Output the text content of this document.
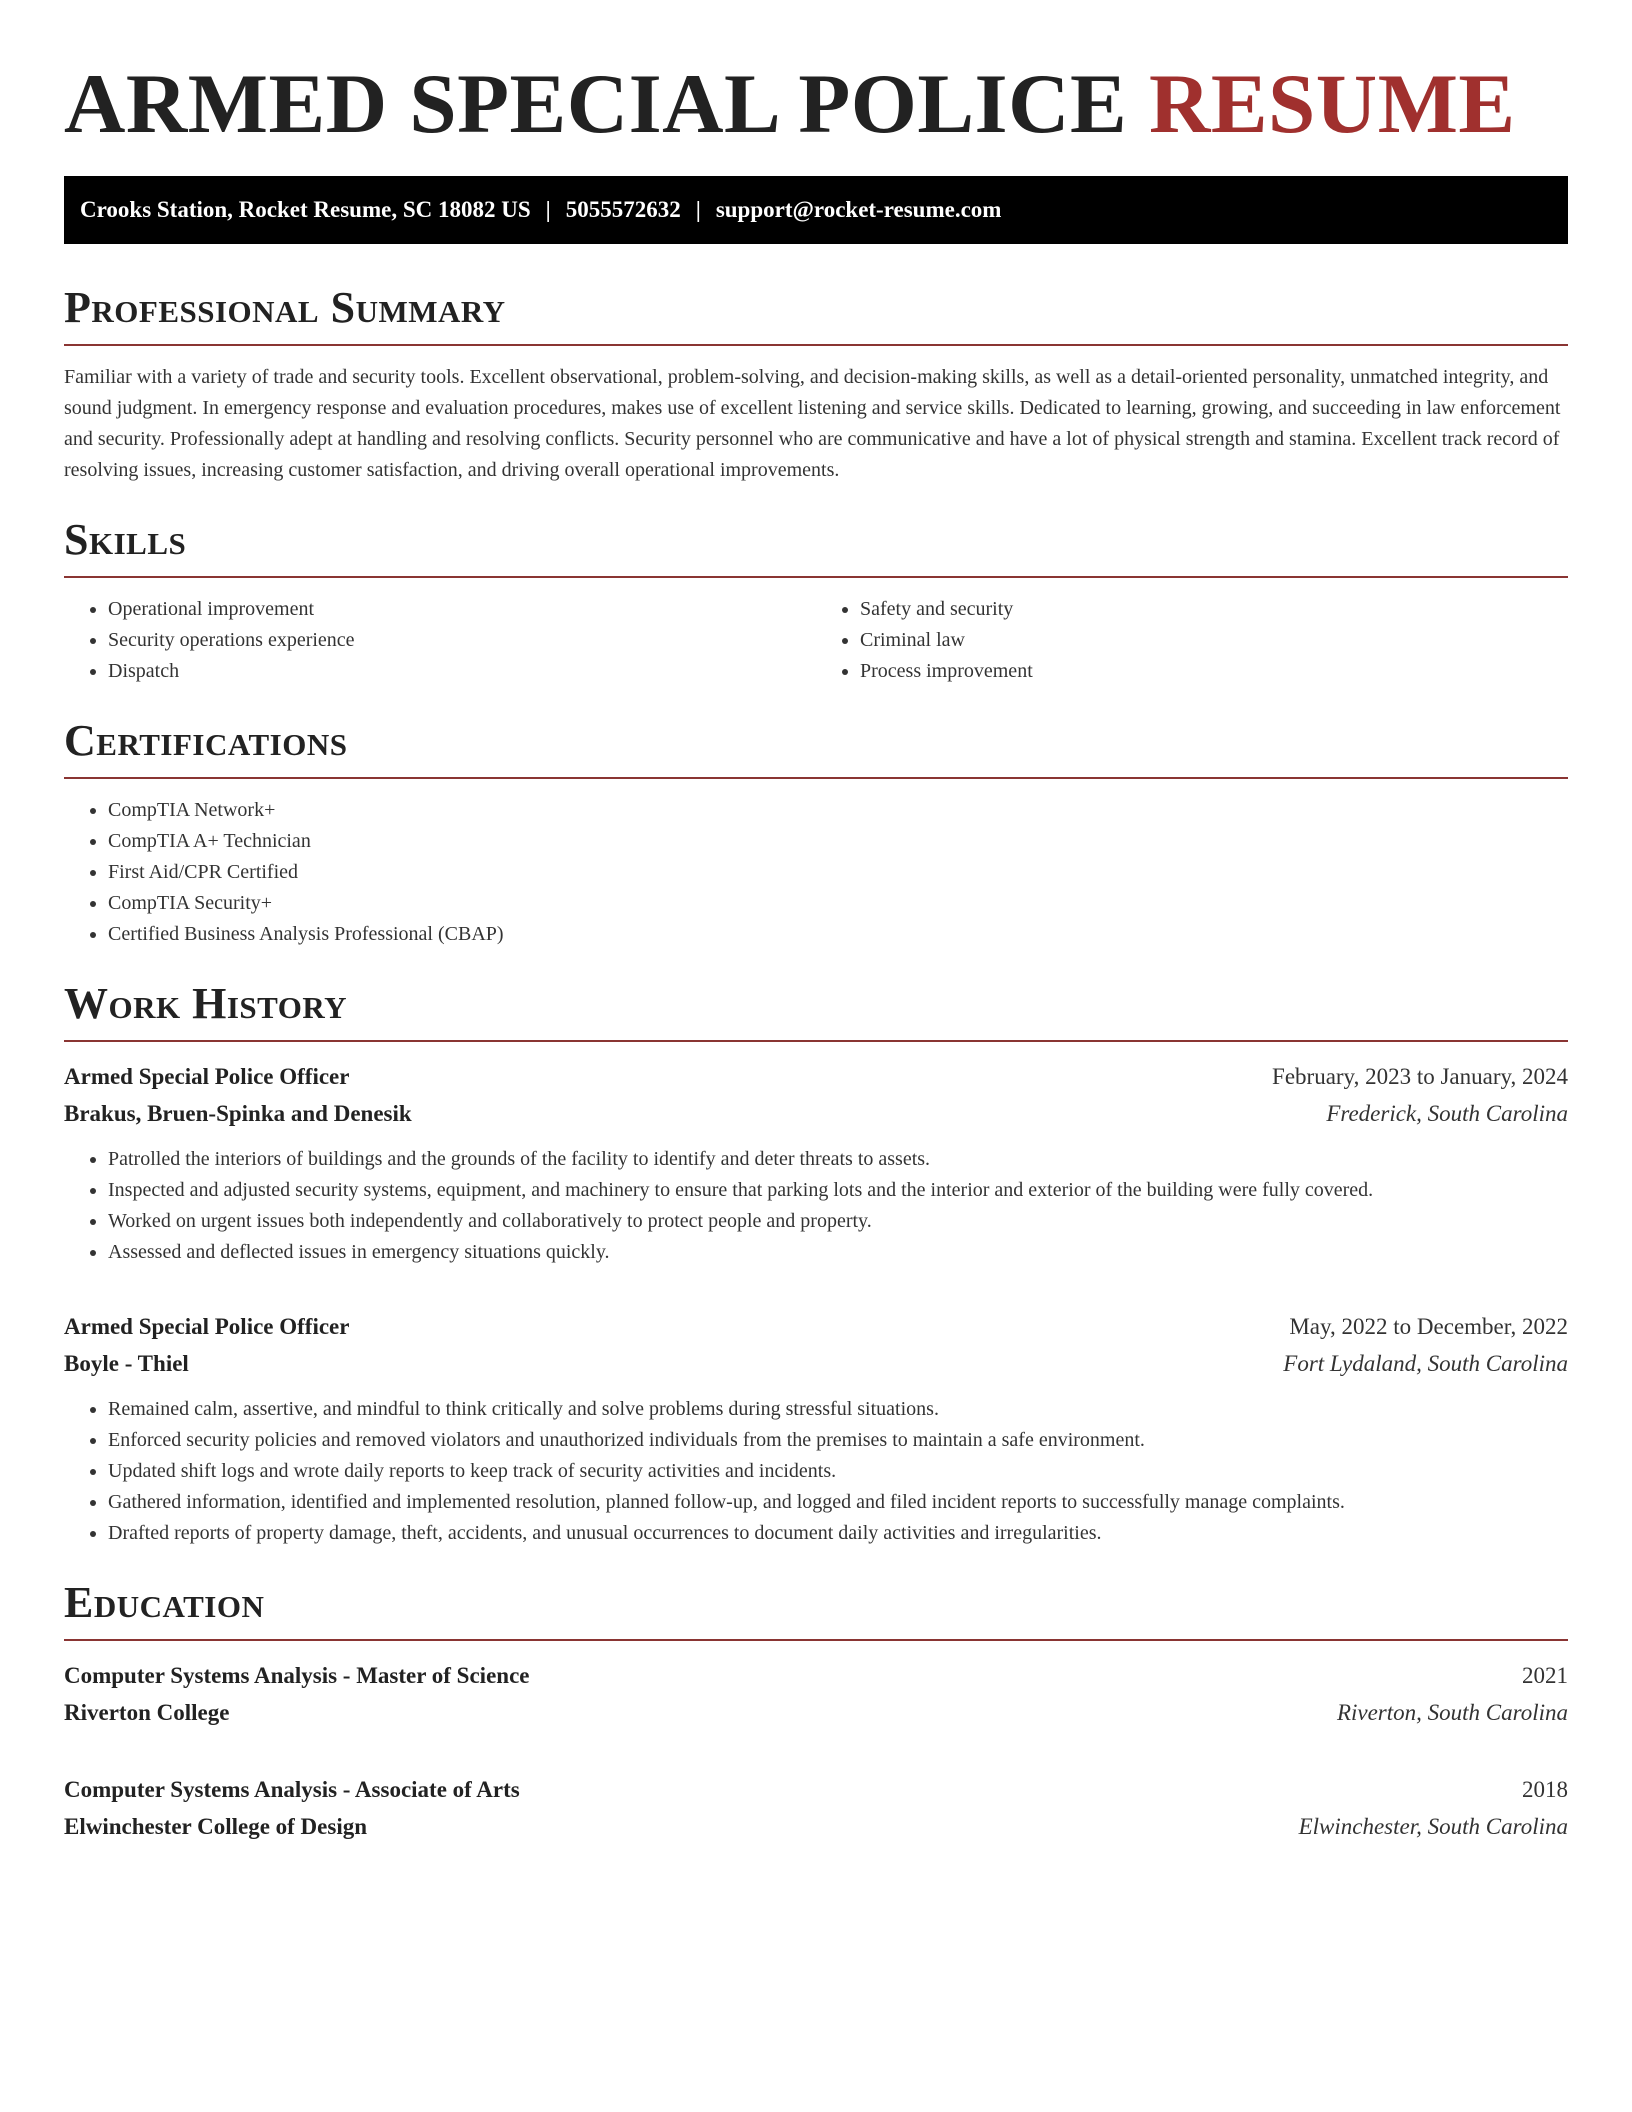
ARMED SPECIAL POLICE RESUME
Crooks Station, Rocket Resume, SC 18082 US | 5055572632 | support@rocket-resume.com
Professional Summary

Familiar with a variety of trade and security tools. Excellent observational, problem-solving, and decision-making skills, as well as a detail-oriented personality, unmatched integrity, and sound judgment. In emergency response and evaluation procedures, makes use of excellent listening and service skills. Dedicated to learning, growing, and succeeding in law enforcement and security. Professionally adept at handling and resolving conflicts. Security personnel who are communicative and have a lot of physical strength and stamina. Excellent track record of resolving issues, increasing customer satisfaction, and driving overall operational improvements.

Skills
• Operational improvement
• Security operations experience
• Dispatch
• Safety and security
• Criminal law
• Process improvement
Certifications
• CompTIA Network+
• CompTIA A+ Technician
• First Aid/CPR Certified
• CompTIA Security+
• Certified Business Analysis Professional (CBAP)
Work History
Armed Special Police Officer	February, 2023 to January, 2024
Brakus, Bruen-Spinka and Denesik	Frederick, South Carolina
• Patrolled the interiors of buildings and the grounds of the facility to identify and deter threats to assets.
• Inspected and adjusted security systems, equipment, and machinery to ensure that parking lots and the interior and exterior of the building were fully covered.
• Worked on urgent issues both independently and collaboratively to protect people and property.
• Assessed and deflected issues in emergency situations quickly.
Armed Special Police Officer	May, 2022 to December, 2022
Boyle - Thiel	Fort Lydaland, South Carolina
• Remained calm, assertive, and mindful to think critically and solve problems during stressful situations.
• Enforced security policies and removed violators and unauthorized individuals from the premises to maintain a safe environment.
• Updated shift logs and wrote daily reports to keep track of security activities and incidents.
• Gathered information, identified and implemented resolution, planned follow-up, and logged and filed incident reports to successfully manage complaints.
• Drafted reports of property damage, theft, accidents, and unusual occurrences to document daily activities and irregularities.
Education
Computer Systems Analysis - Master of Science	2021
Riverton College	Riverton, South Carolina
Computer Systems Analysis - Associate of Arts	2018
Elwinchester College of Design	Elwinchester, South Carolina
